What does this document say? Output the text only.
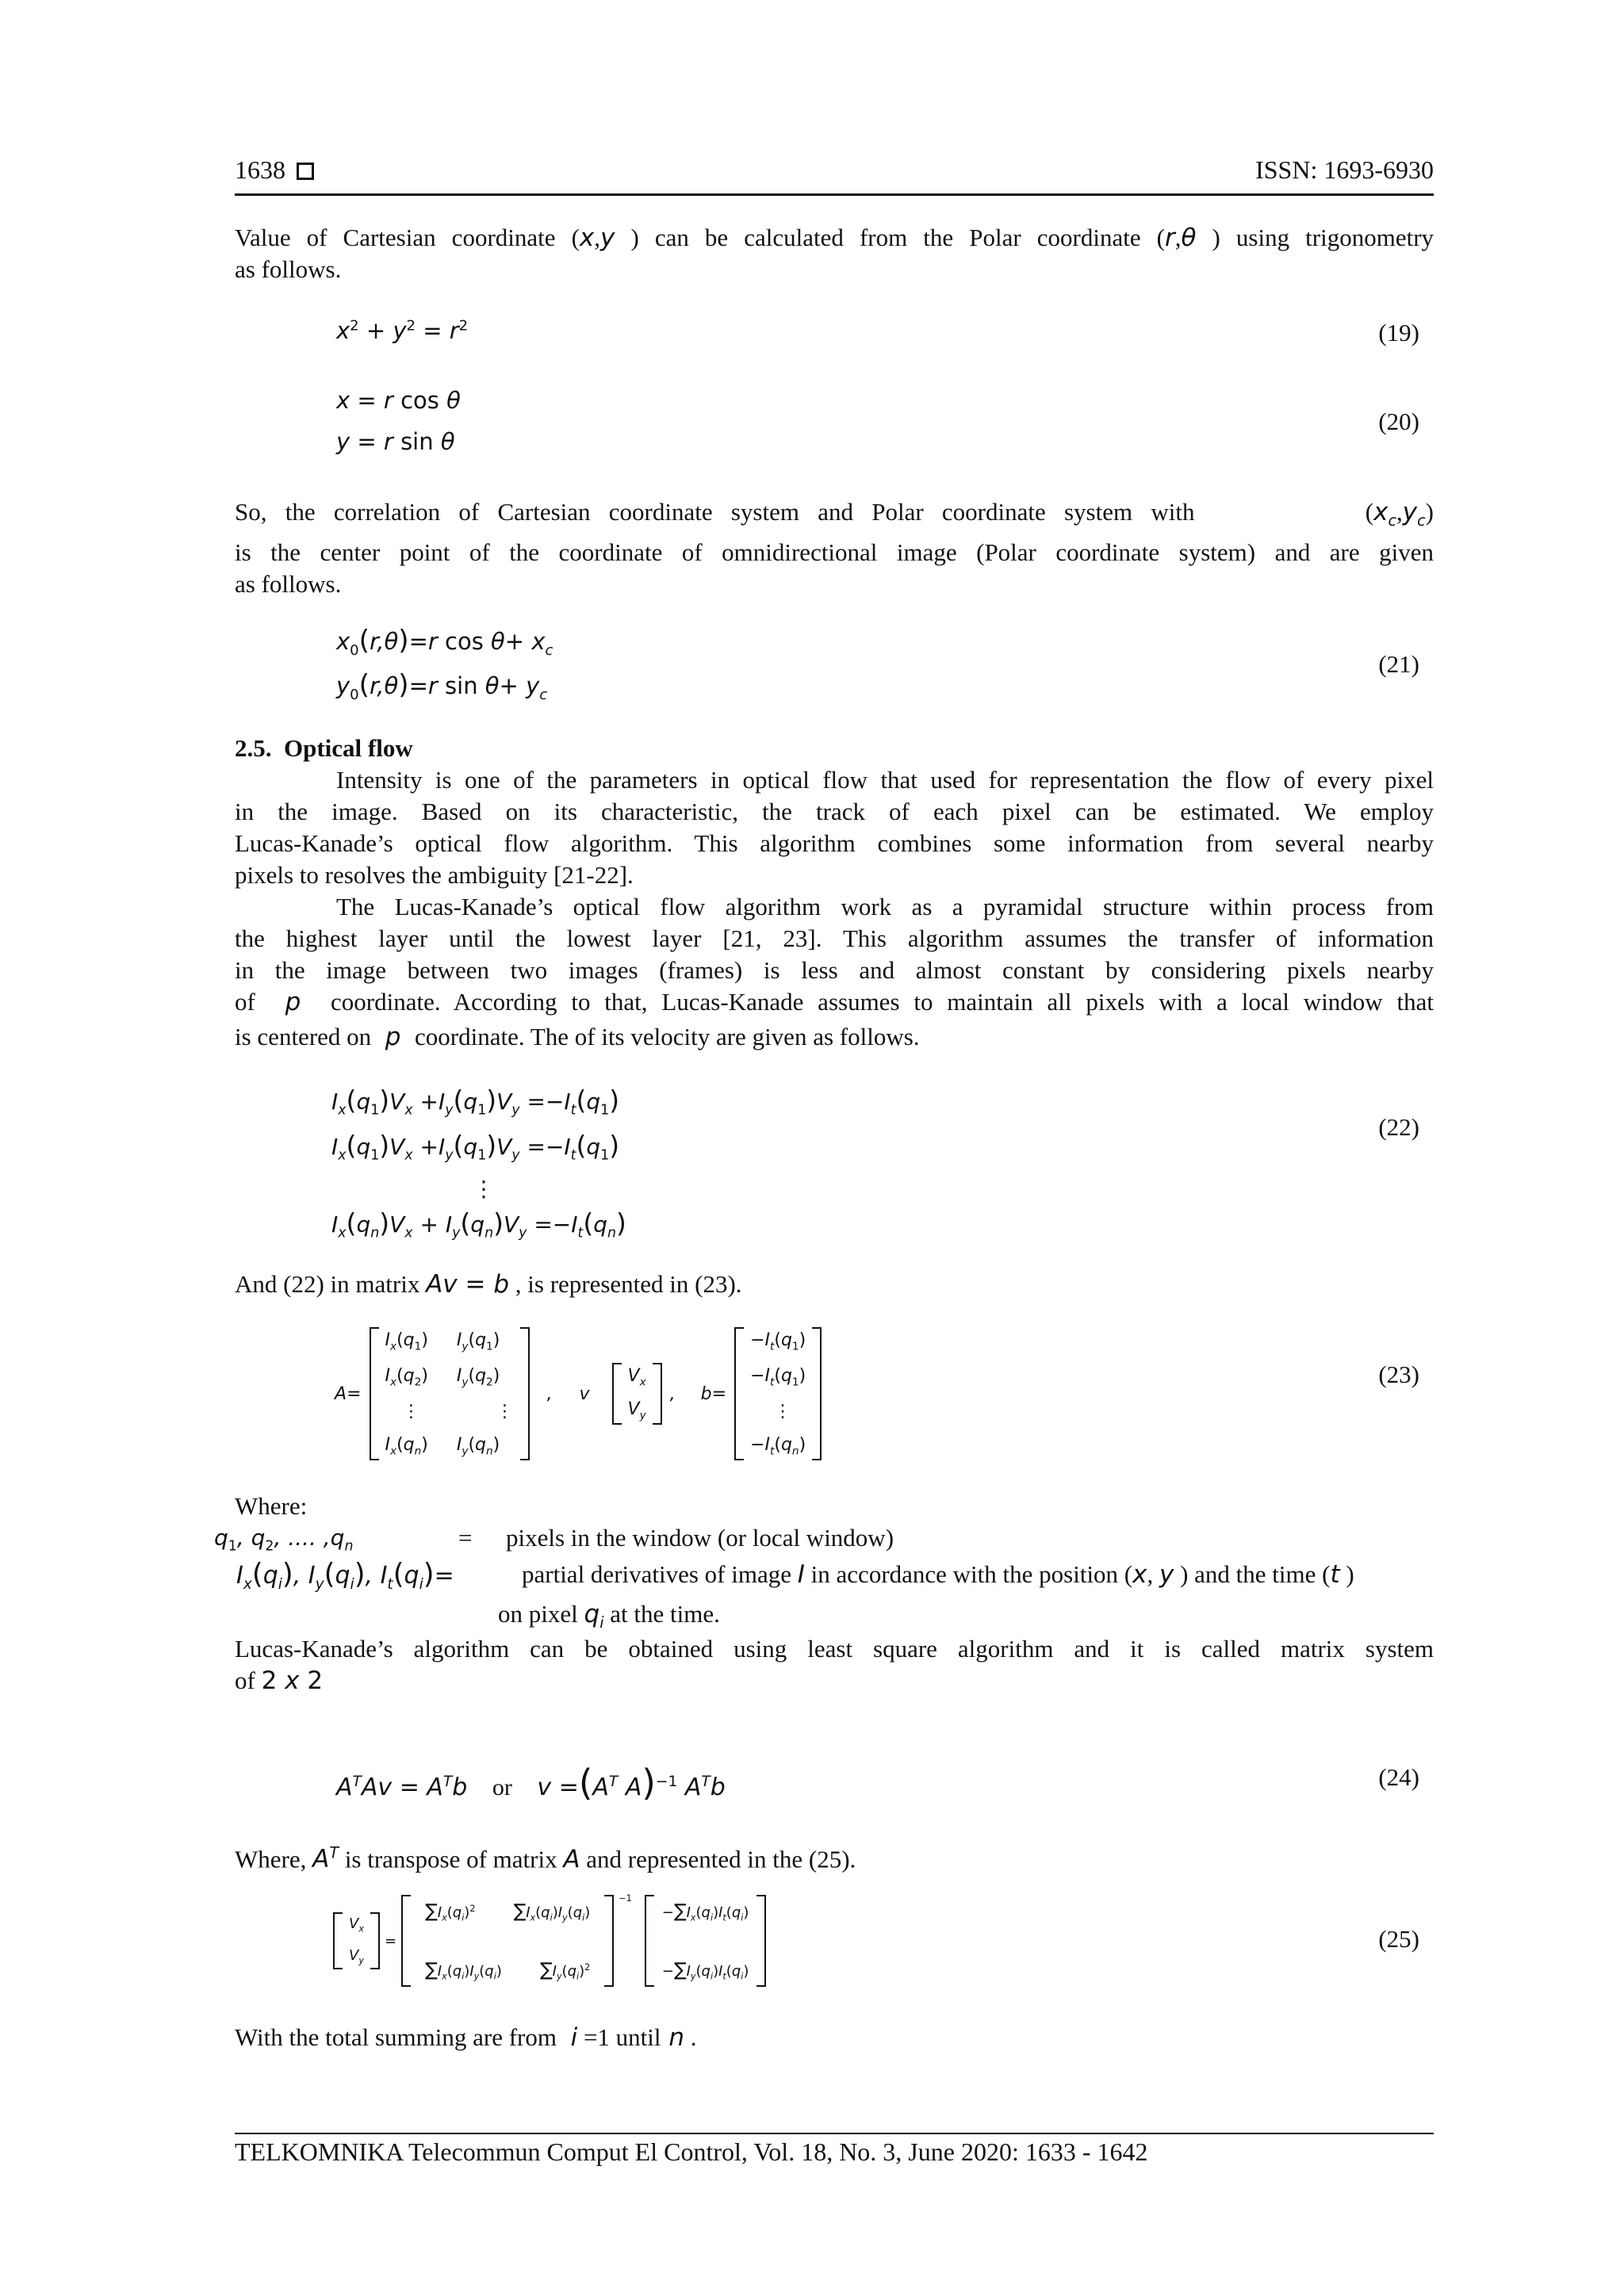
1638	ISSN: 1693-6930
Value of Cartesian coordinate (x,y ) can be calculated from the Polar coordinate (r,θ ) using trigonometry
as follows.
$x^2 + y^2 = r^2$	(19)
x = r cos θ
y = r sin θ
(20)
So,   the   correlation   of   Cartesian   coordinate   system   and   Polar   coordinate   system   with	$(x_c,y_c)$
is the center point of the coordinate of omnidirectional image (Polar coordinate system) and are given
as follows.
$x_0(r,\theta)=r$ $\cos \theta+ x_c$
$y_0(r,\theta)=r$ $\sin \theta+ y_c$
(21)
2.5. Optical flow
Intensity is one of the parameters in optical flow that used for representation the flow of every pixel
in the image. Based on its characteristic, the track of each pixel can be estimated. We employ
Lucas-Kanade’s optical flow algorithm. This algorithm combines some information from several nearby
pixels to resolves the ambiguity [21-22].
The Lucas-Kanade’s optical flow algorithm work as a pyramidal structure within process from
the highest layer until the lowest layer [21, 23]. This algorithm assumes the transfer of information
in the image between two images (frames) is less and almost constant by considering pixels nearby
of  p  coordinate. According to that, Lucas-Kanade assumes to maintain all pixels with a local window that
is centered on  p  coordinate. The of its velocity are given as follows.
$I_x(q_1)V_x +I_y(q_1)V_y =-I_t(q_1)$
$I_x(q_1)V_x +I_y(q_1)V_y =-I_t(q_1)$
⋮
$I_x(q_n)V_x + I_y(q_n)V_y =-I_t(q_n)$
(22)
And (22) in matrix Av = b , is represented in (23).
A=
$I_x(q_1)$ $I_y(q_1)$
$I_x(q_2)$ $I_y(q_2)$
⋮	⋮
$I_x(q_n)$ $I_y(q_n)$
, v
$V_x$
$V_y$
, b=
$-I_t(q_1)$
$-I_t(q_1)$
⋮
$-I_t(q_n)$
(23)
Where:
$q_1$, $q_2$, .... $,q_n$	=	pixels in the window (or local window)
$I_x(q_i)$, $I_y(q_i)$, $I_t(q_i)=$	partial derivatives of image I in accordance with the position (x, y ) and the time (t )
on pixel $q_i$ at the time.
Lucas-Kanade’s algorithm can be obtained using least square algorithm and it is called matrix system
of 2 x 2
$A^TAv = A^Tb$ or $v =(A^T$ A)$^{-1}$ $A^Tb$	(24)
Where, $A^T$ is transpose of matrix A and represented in the (25).
$V_x$
$V_y$
=
$\sum I_x(q_i)^2$ $\sum I_x(q_i)I_y(q_i)$
$\sum I_x(q_i)I_y(q_i)$ $\sum I_y(q_i)^2$
$^{-1}$
$-\sum I_x(q_i)I_t(q_i)$
$-\sum I_y(q_i)I_t(q_i)$
(25)
With the total summing are from  i =1 until n .
TELKOMNIKA Telecommun Comput El Control, Vol. 18, No. 3, June 2020: 1633 - 1642
